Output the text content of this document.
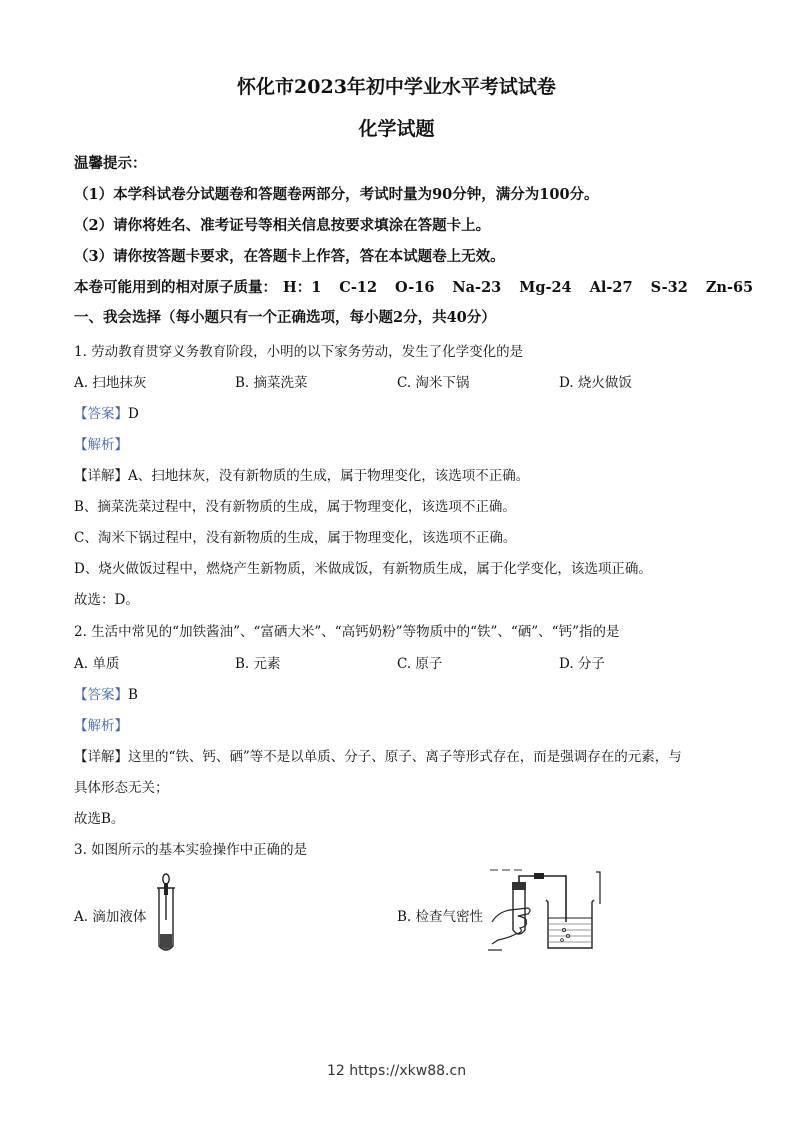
怀化市2023年初中学业水平考试试卷
化学试题
温馨提示：
（1）本学科试卷分试题卷和答题卷两部分，考试时量为90分钟，满分为100分。
（2）请你将姓名、准考证号等相关信息按要求填涂在答题卡上。
（3）请你按答题卡要求，在答题卡上作答，答在本试题卷上无效。
本卷可能用到的相对原子质量： H：1 C-12 O-16 Na-23 Mg-24 Al-27 S-32 Zn-65
一、我会选择（每小题只有一个正确选项，每小题2分，共40分）
1. 劳动教育贯穿义务教育阶段，小明的以下家务劳动，发生了化学变化的是
A. 扫地抹灰	B. 摘菜洗菜	C. 淘米下锅	D. 烧火做饭
【答案】D
【解析】
【详解】A、扫地抹灰，没有新物质的生成，属于物理变化，该选项不正确。
B、摘菜洗菜过程中，没有新物质的生成，属于物理变化，该选项不正确。
C、淘米下锅过程中，没有新物质的生成，属于物理变化，该选项不正确。
D、烧火做饭过程中，燃烧产生新物质，米做成饭，有新物质生成，属于化学变化，该选项正确。
故选：D。
2. 生活中常见的“加铁酱油”、“富硒大米”、“高钙奶粉”等物质中的“铁”、“硒”、“钙”指的是
A. 单质	B. 元素	C. 原子	D. 分子
【答案】B
【解析】
【详解】这里的“铁、钙、硒”等不是以单质、分子、原子、离子等形式存在，而是强调存在的元素，与
具体形态无关；
故选B。
3. 如图所示的基本实验操作中正确的是
A. 滴加液体	B. 检查气密性
12 https://xkw88.cn
